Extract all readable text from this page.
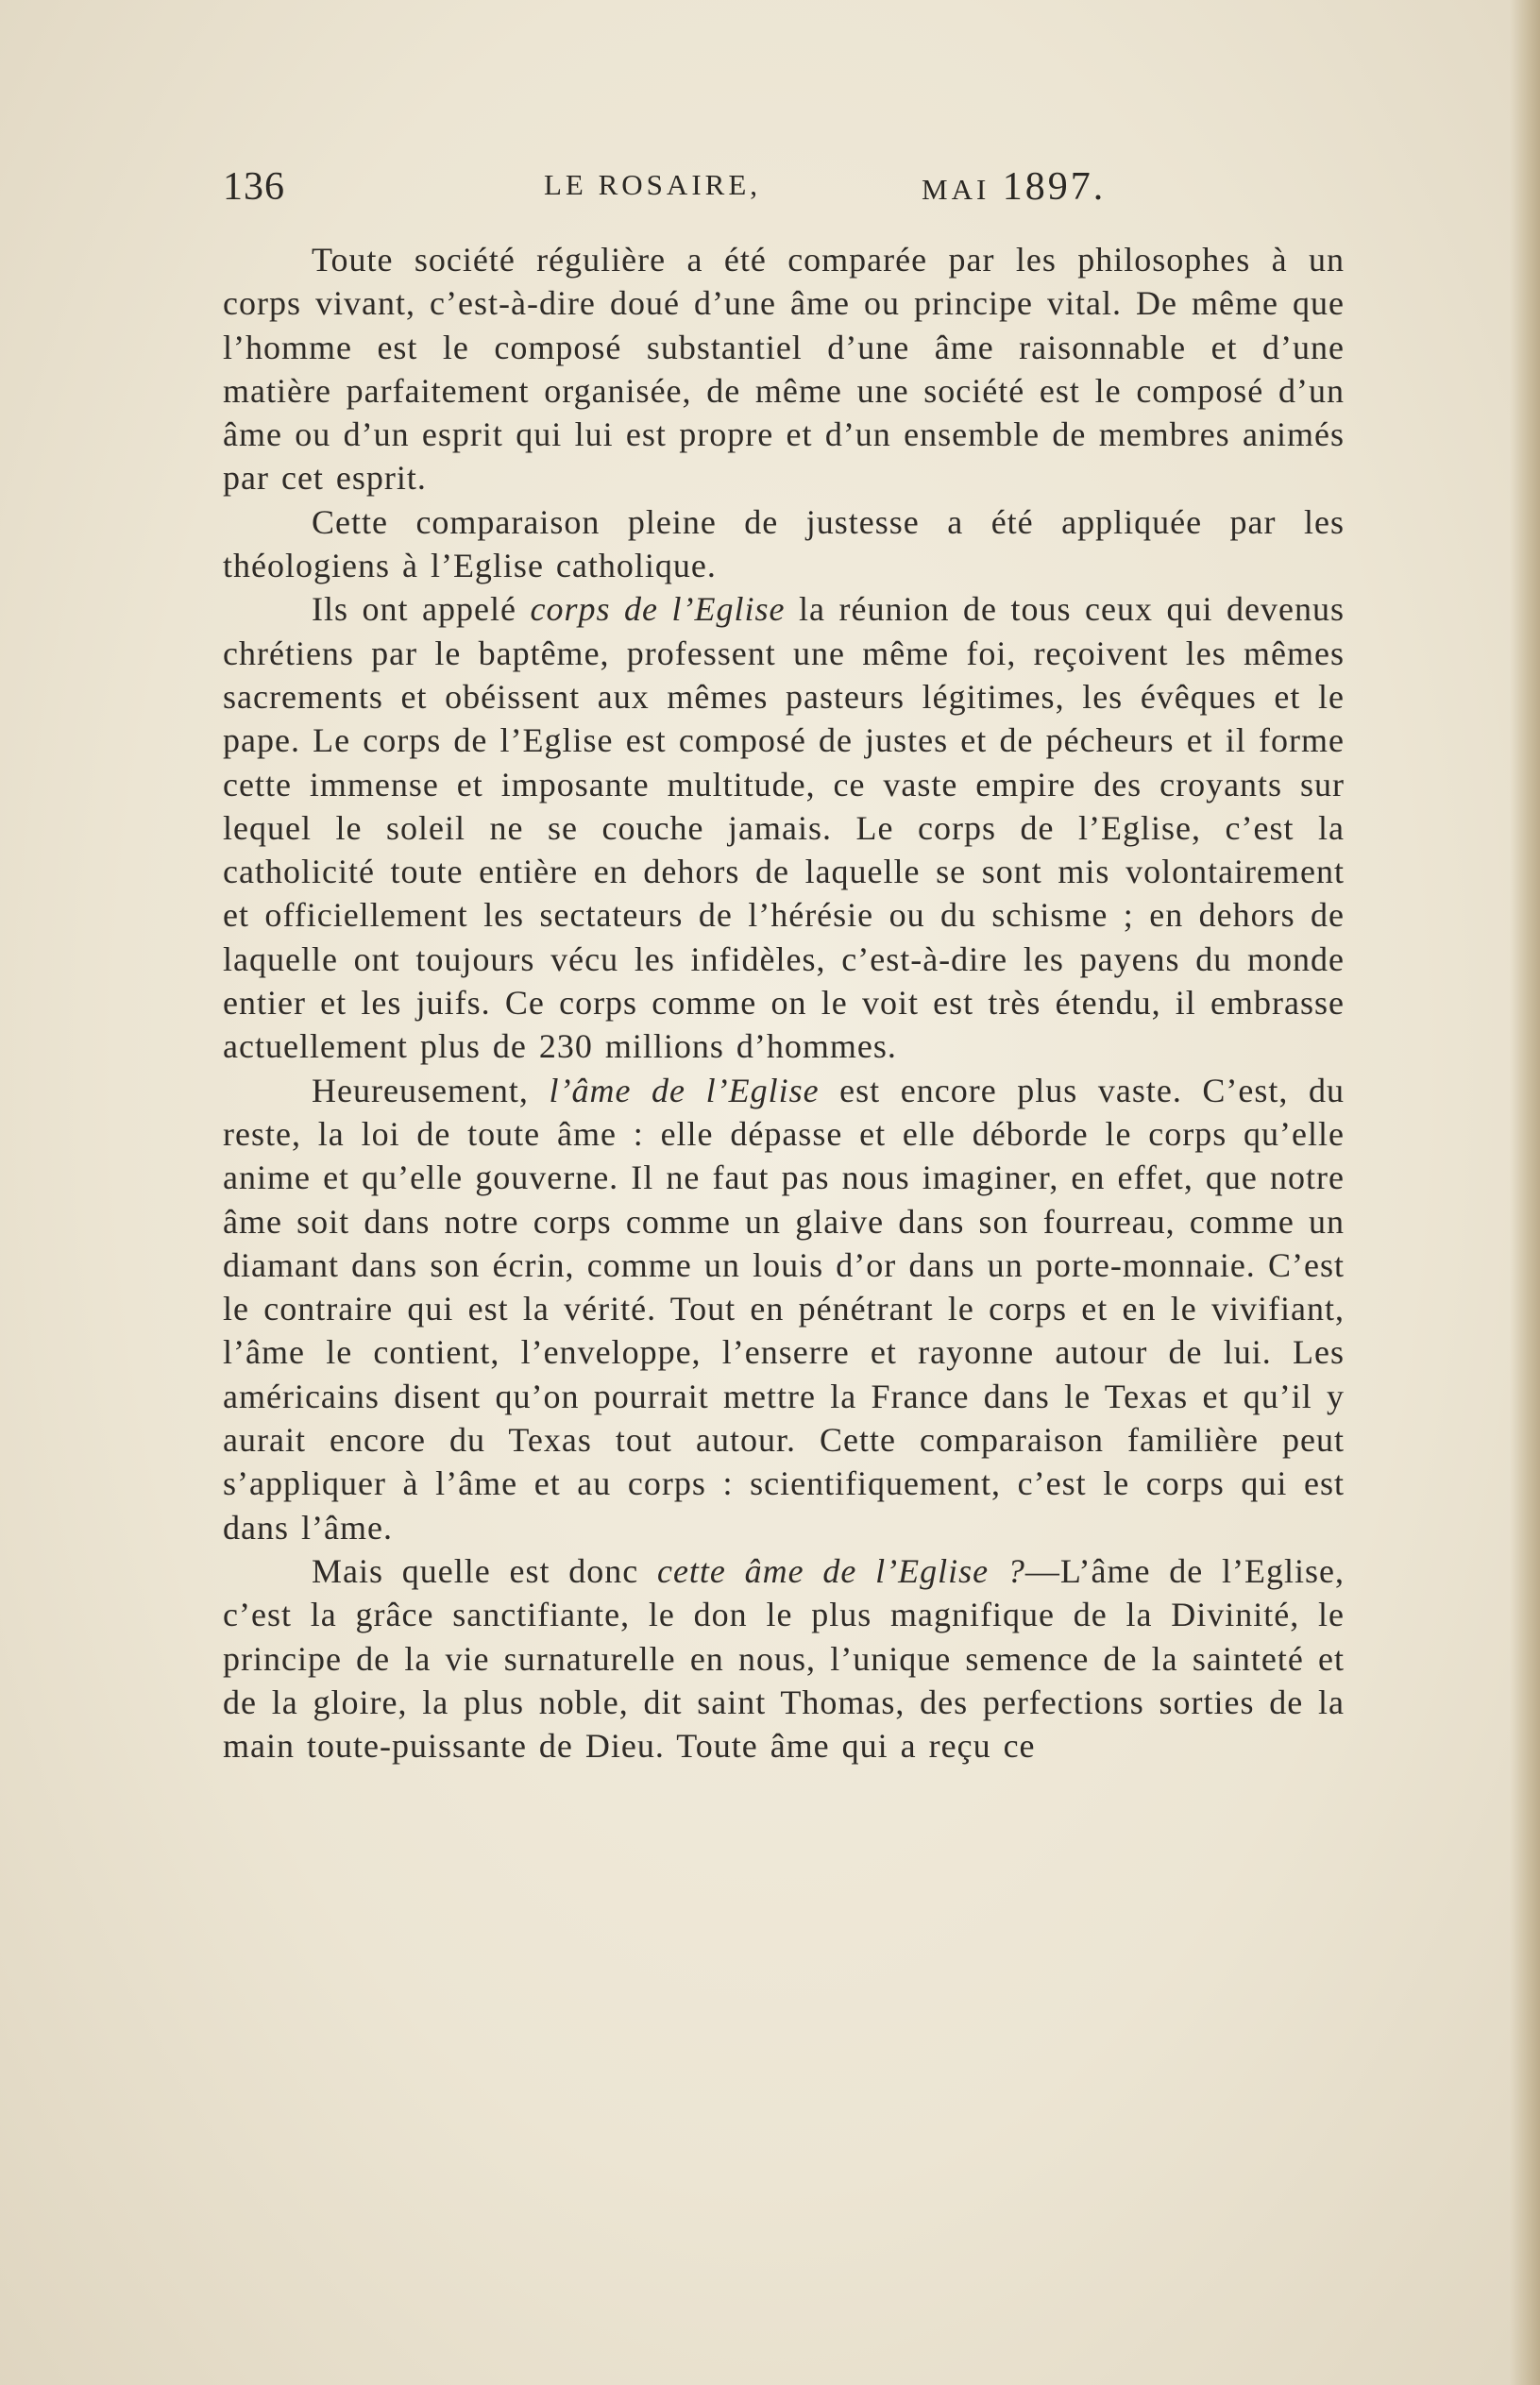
136	LE ROSAIRE,	MAI 1897.

Toute société régulière a été comparée par les philosophes à un corps vivant, c’est-à-dire doué d’une âme ou principe vital. De même que l’homme est le composé substantiel d’une âme raisonnable et d’une matière parfaitement organisée, de même une société est le composé d’un âme ou d’un esprit qui lui est propre et d’un ensemble de membres animés par cet esprit.

Cette comparaison pleine de justesse a été appliquée par les théologiens à l’Eglise catholique.

Ils ont appelé corps de l’Eglise la réunion de tous ceux qui devenus chrétiens par le baptême, professent une même foi, reçoivent les mêmes sacrements et obéissent aux mêmes pasteurs légitimes, les évêques et le pape. Le corps de l’Eglise est composé de justes et de pécheurs et il forme cette immense et imposante multitude, ce vaste empire des croyants sur lequel le soleil ne se couche jamais. Le corps de l’Eglise, c’est la catholicité toute entière en dehors de laquelle se sont mis volontairement et officiellement les sectateurs de l’hérésie ou du schisme ; en dehors de laquelle ont toujours vécu les infidèles, c’est-à-dire les payens du monde entier et les juifs. Ce corps comme on le voit est très étendu, il embrasse actuellement plus de 230 millions d’hommes.

Heureusement, l’âme de l’Eglise est encore plus vaste. C’est, du reste, la loi de toute âme : elle dépasse et elle déborde le corps qu’elle anime et qu’elle gouverne. Il ne faut pas nous imaginer, en effet, que notre âme soit dans notre corps comme un glaive dans son fourreau, comme un diamant dans son écrin, comme un louis d’or dans un porte-monnaie. C’est le contraire qui est la vérité. Tout en pénétrant le corps et en le vivifiant, l’âme le contient, l’enveloppe, l’enserre et rayonne autour de lui. Les américains disent qu’on pourrait mettre la France dans le Texas et qu’il y aurait encore du Texas tout autour. Cette comparaison familière peut s’appliquer à l’âme et au corps : scientifiquement, c’est le corps qui est dans l’âme.

Mais quelle est donc cette âme de l’Eglise ?—L’âme de l’Eglise, c’est la grâce sanctifiante, le don le plus magnifique de la Divinité, le principe de la vie surnaturelle en nous, l’unique semence de la sainteté et de la gloire, la plus noble, dit saint Thomas, des perfections sorties de la main toute-puissante de Dieu. Toute âme qui a reçu ce
